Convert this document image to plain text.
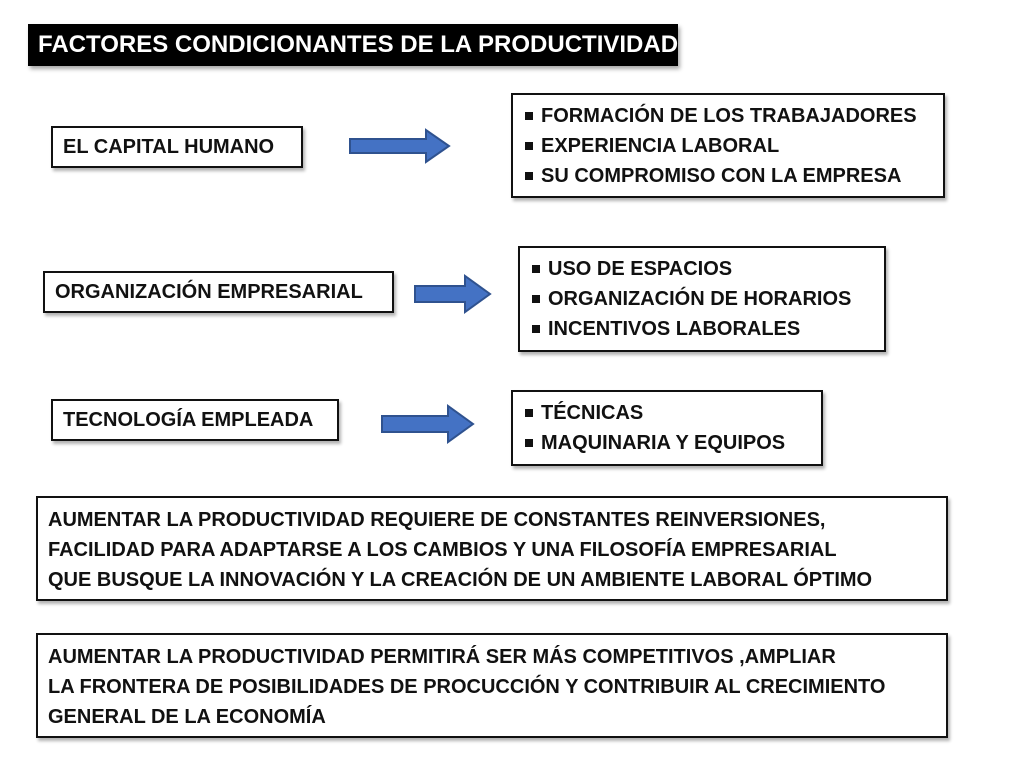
FACTORES CONDICIONANTES DE LA PRODUCTIVIDAD
EL CAPITAL HUMANO
FORMACIÓN DE LOS TRABAJADORES
EXPERIENCIA LABORAL
SU COMPROMISO CON LA EMPRESA
ORGANIZACIÓN EMPRESARIAL
USO DE ESPACIOS
ORGANIZACIÓN DE HORARIOS
INCENTIVOS LABORALES
TECNOLOGÍA EMPLEADA	TÉCNICAS
MAQUINARIA Y EQUIPOS
AUMENTAR LA PRODUCTIVIDAD REQUIERE DE CONSTANTES REINVERSIONES,
FACILIDAD PARA ADAPTARSE A LOS CAMBIOS Y UNA FILOSOFÍA EMPRESARIAL
QUE BUSQUE LA INNOVACIÓN Y LA CREACIÓN DE UN AMBIENTE LABORAL ÓPTIMO
AUMENTAR LA PRODUCTIVIDAD PERMITIRÁ SER MÁS COMPETITIVOS ,AMPLIAR
LA FRONTERA DE POSIBILIDADES DE PROCUCCIÓN Y CONTRIBUIR AL CRECIMIENTO
GENERAL DE LA ECONOMÍA
